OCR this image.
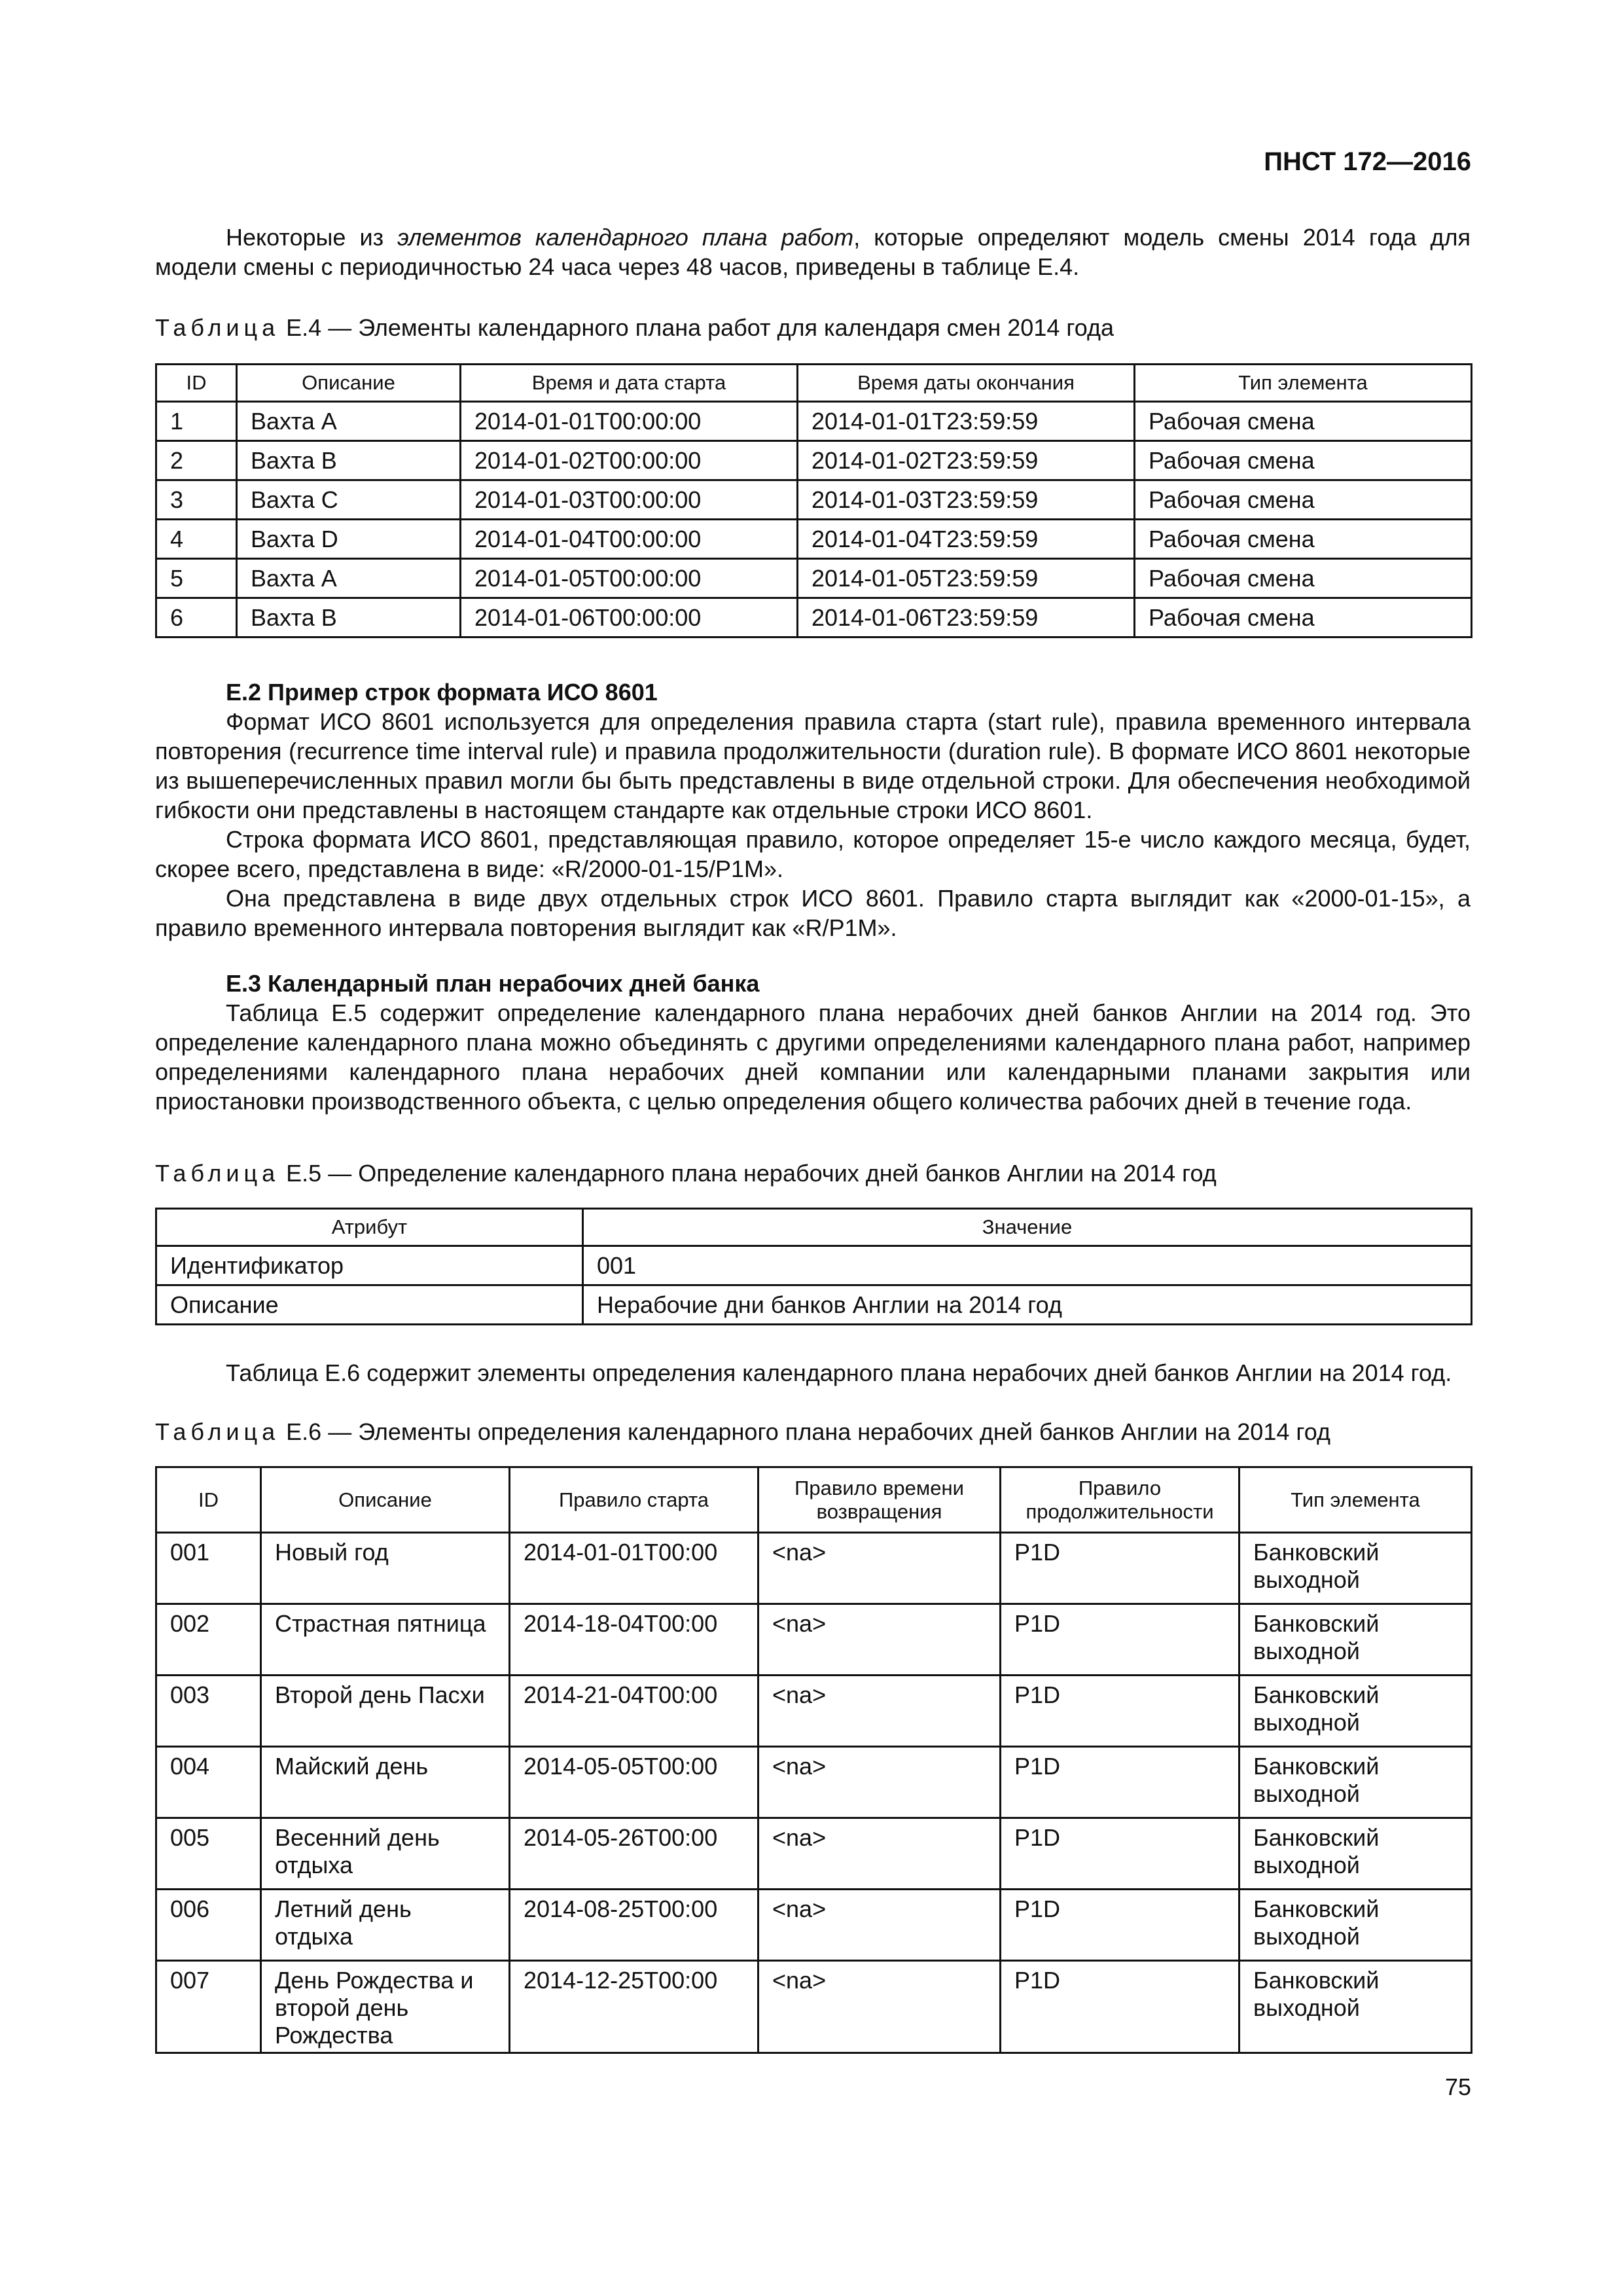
ПНСТ 172—2016

Некоторые из элементов календарного плана работ, которые определяют модель смены 2014 года для модели смены с периодичностью 24 часа через 48 часов, приведены в таблице Е.4.

Таблица Е.4 — Элементы календарного плана работ для календаря смен 2014 года

ID	Описание	Время и дата старта	Время даты окончания	Тип элемента
1	Вахта A	2014-01-01T00:00:00	2014-01-01T23:59:59	Рабочая смена
2	Вахта B	2014-01-02T00:00:00	2014-01-02T23:59:59	Рабочая смена
3	Вахта C	2014-01-03T00:00:00	2014-01-03T23:59:59	Рабочая смена
4	Вахта D	2014-01-04T00:00:00	2014-01-04T23:59:59	Рабочая смена
5	Вахта A	2014-01-05T00:00:00	2014-01-05T23:59:59	Рабочая смена
6	Вахта B	2014-01-06T00:00:00	2014-01-06T23:59:59	Рабочая смена

Е.2 Пример строк формата ИСО 8601

Формат ИСО 8601 используется для определения правила старта (start rule), правила временного интервала повторения (recurrence time interval rule) и правила продолжительности (duration rule). В формате ИСО 8601 некоторые из вышеперечисленных правил могли бы быть представлены в виде отдельной строки. Для обеспечения необходимой гибкости они представлены в настоящем стандарте как отдельные строки ИСО 8601.

Строка формата ИСО 8601, представляющая правило, которое определяет 15-е число каждого месяца, будет, скорее всего, представлена в виде: «R/2000-01-15/P1M».

Она представлена в виде двух отдельных строк ИСО 8601. Правило старта выглядит как «2000-01-15», а правило временного интервала повторения выглядит как «R/P1M».

Е.3 Календарный план нерабочих дней банка

Таблица Е.5 содержит определение календарного плана нерабочих дней банков Англии на 2014 год. Это определение календарного плана можно объединять с другими определениями календарного плана работ, например определениями календарного плана нерабочих дней компании или календарными планами закрытия или приостановки производственного объекта, с целью определения общего количества рабочих дней в течение года.

Таблица Е.5 — Определение календарного плана нерабочих дней банков Англии на 2014 год

Атрибут	Значение
Идентификатор	001
Описание	Нерабочие дни банков Англии на 2014 год

Таблица Е.6 содержит элементы определения календарного плана нерабочих дней банков Англии на 2014 год.

Таблица Е.6 — Элементы определения календарного плана нерабочих дней банков Англии на 2014 год

ID	Описание	Правило старта	Правило времени возвращения	Правило продолжительности	Тип элемента
001	Новый год	2014-01-01T00:00	<na>	P1D	Банковский выходной
002	Страстная пятница	2014-18-04T00:00	<na>	P1D	Банковский выходной
003	Второй день Пасхи	2014-21-04T00:00	<na>	P1D	Банковский выходной
004	Майский день	2014-05-05T00:00	<na>	P1D	Банковский выходной
005	Весенний день отдыха	2014-05-26T00:00	<na>	P1D	Банковский выходной
006	Летний день отдыха	2014-08-25T00:00	<na>	P1D	Банковский выходной
007	День Рождества и второй день Рождества	2014-12-25T00:00	<na>	P1D	Банковский выходной
75
